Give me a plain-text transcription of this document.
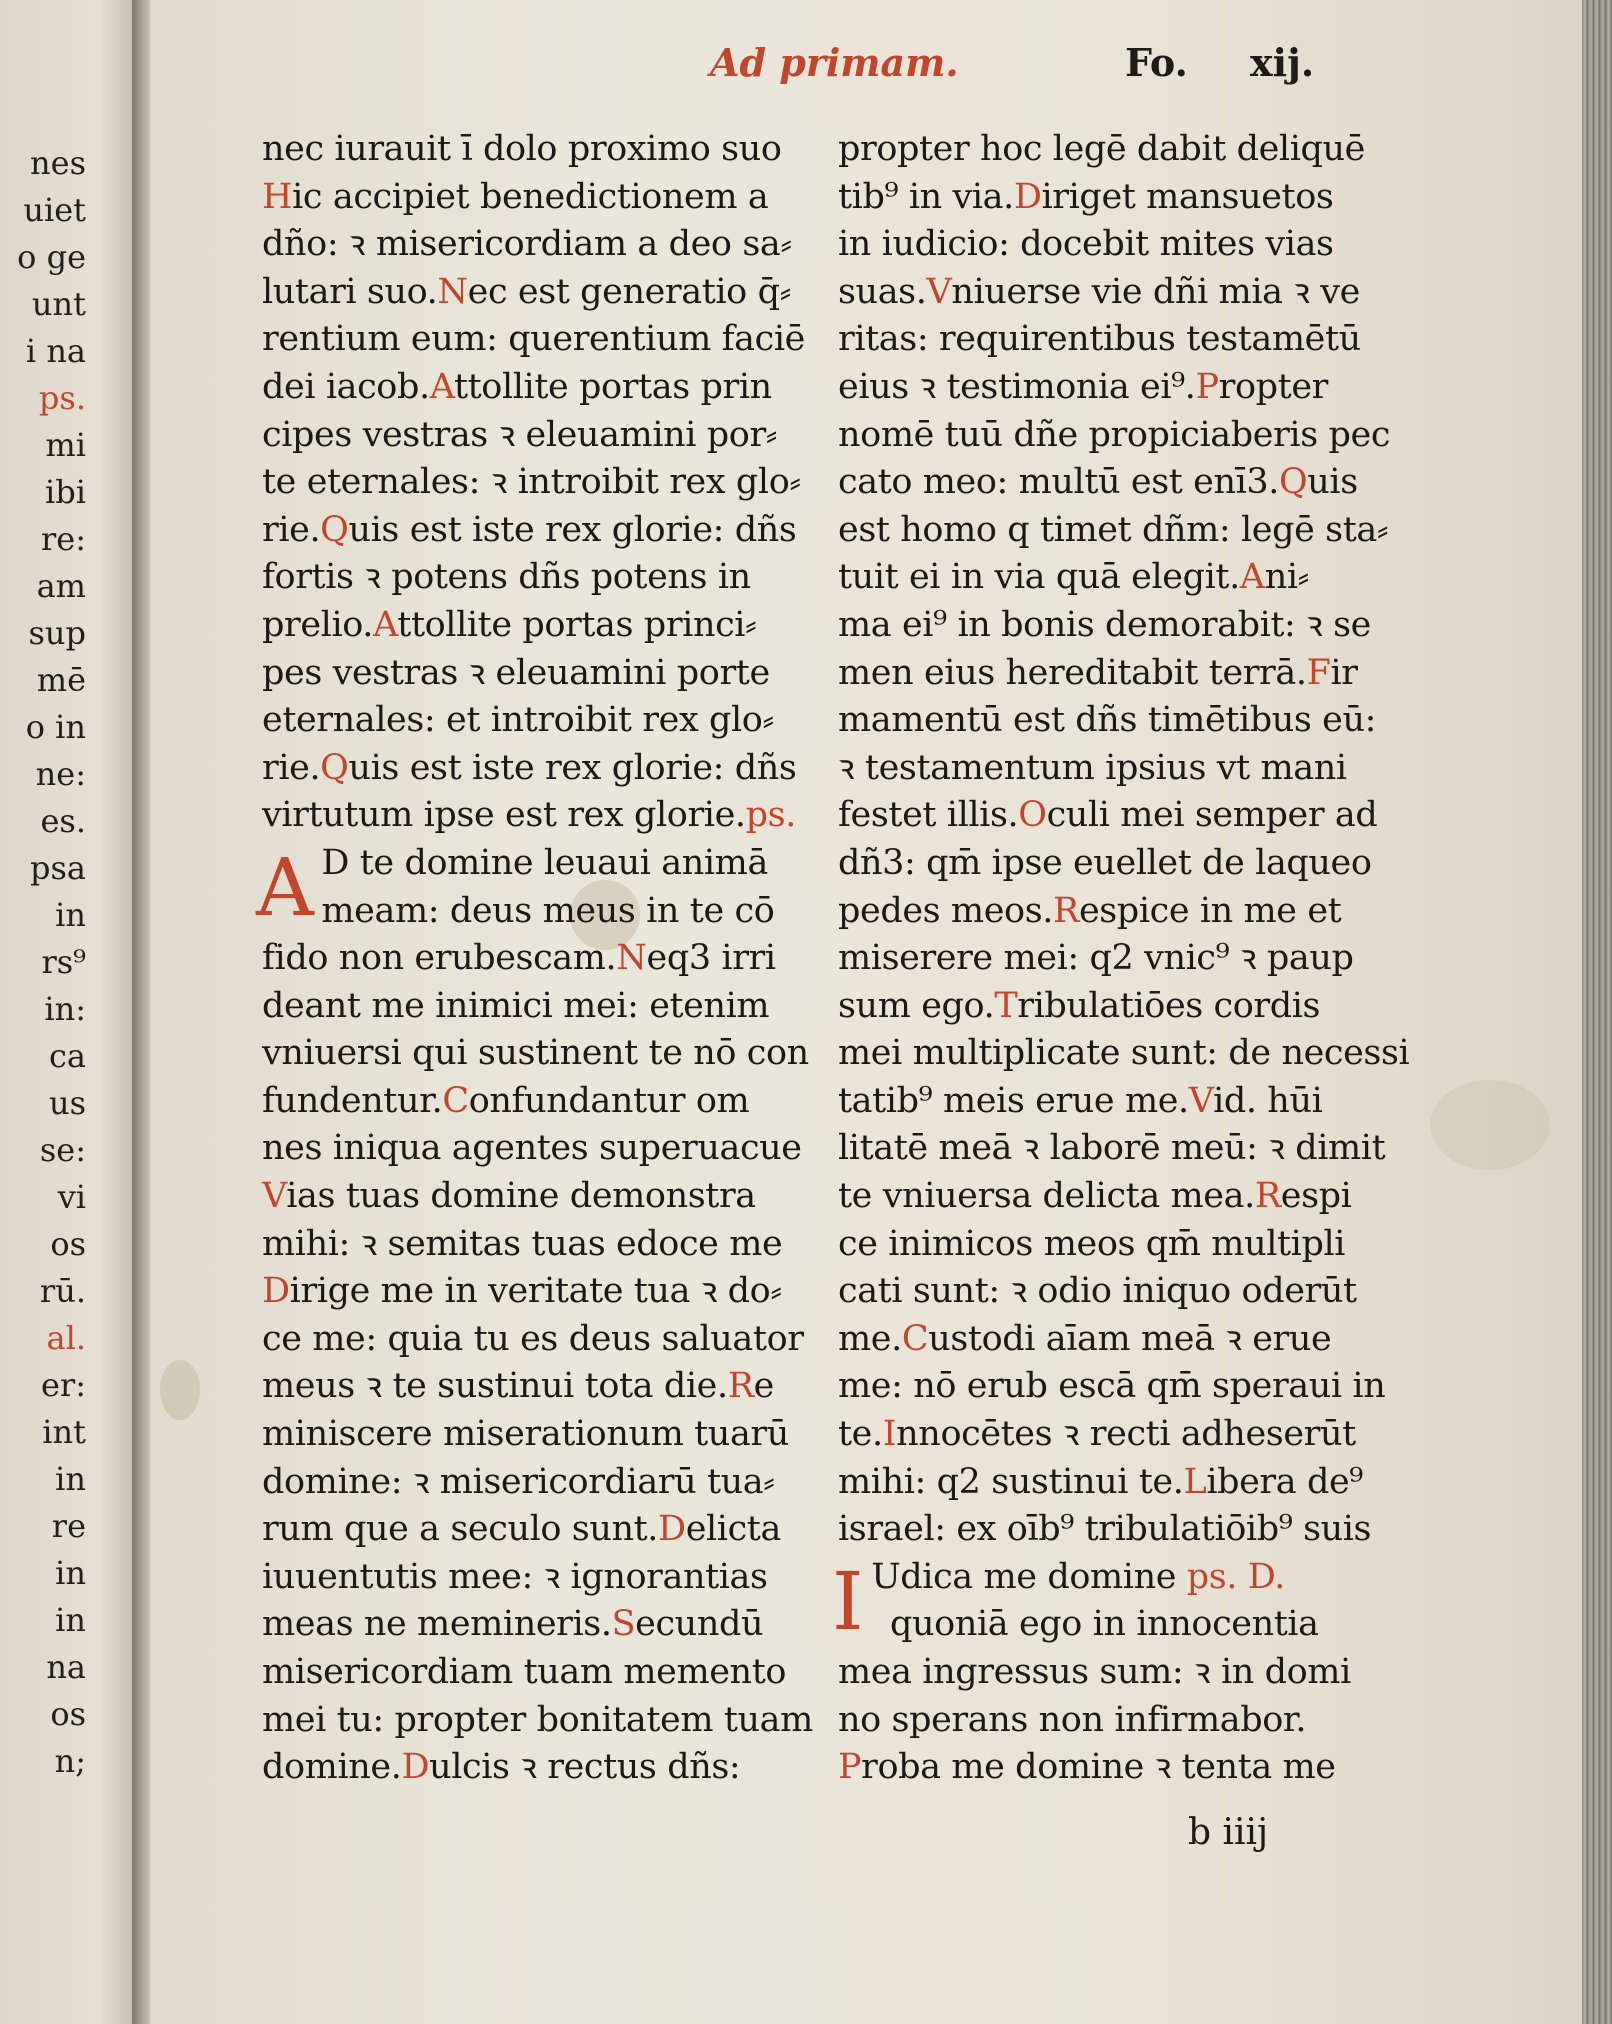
nes
uiet
o ge
unt
i na
ps.
mi
ibi
re:
am
sup
mē
o in
ne:
es.
psa
in
rs⁹
in:
ca
us
se:
vi
os
rū.
al.
er:
int
in
re
in
in
na
os
n;
Ad primam.	Fo. xij.
nec iurauit ī dolo proximo suo
Hic accipiet benedictionem a
dño: ꝛ misericordiam a deo sa⸗
lutari suo.Nec est generatio q̄⸗
rentium eum: querentium faciē
dei iacob.Attollite portas prin
cipes vestras ꝛ eleuamini por⸗
te eternales: ꝛ introibit rex glo⸗
rie.Quis est iste rex glorie: dñs
fortis ꝛ potens dñs potens in
prelio.Attollite portas princi⸗
pes vestras ꝛ eleuamini porte
eternales: et introibit rex glo⸗
rie.Quis est iste rex glorie: dñs
virtutum ipse est rex glorie.ps.
A D te domine leuaui animā
meam: deus meus in te cō
fido non erubescam.Neq3 irri
deant me inimici mei: etenim
vniuersi qui sustinent te nō con
fundentur.Confundantur om
nes iniqua agentes superuacue
Vias tuas domine demonstra
mihi: ꝛ semitas tuas edoce me
Dirige me in veritate tua ꝛ do⸗
ce me: quia tu es deus saluator
meus ꝛ te sustinui tota die.Re
miniscere miserationum tuarū
domine: ꝛ misericordiarū tua⸗
rum que a seculo sunt.Delicta
iuuentutis mee: ꝛ ignorantias
meas ne memineris.Secundū
misericordiam tuam memento
mei tu: propter bonitatem tuam
domine.Dulcis ꝛ rectus dñs:
propter hoc legē dabit deliquē
tib⁹ in via.Diriget mansuetos
in iudicio: docebit mites vias
suas.Vniuerse vie dñi mia ꝛ ve
ritas: requirentibus testamētū
eius ꝛ testimonia ei⁹.Propter
nomē tuū dñe propiciaberis pec
cato meo: multū est enī3.Quis
est homo q timet dñm: legē sta⸗
tuit ei in via quā elegit.Ani⸗
ma ei⁹ in bonis demorabit: ꝛ se
men eius hereditabit terrā.Fir
mamentū est dñs timētibus eū:
ꝛ testamentum ipsius vt mani
festet illis.Oculi mei semper ad
dñ3: qm̄ ipse euellet de laqueo
pedes meos.Respice in me et
miserere mei: q2 vnic⁹ ꝛ paup
sum ego.Tribulatiōes cordis
mei multiplicate sunt: de necessi
tatib⁹ meis erue me.Vid. hūi
litatē meā ꝛ laborē meū: ꝛ dimit
te vniuersa delicta mea.Respi
ce inimicos meos qm̄ multipli
cati sunt: ꝛ odio iniquo oderūt
me.Custodi aīam meā ꝛ erue
me: nō erub escā qm̄ speraui in
te.Innocētes ꝛ recti adheserūt
mihi: q2 sustinui te.Libera de⁹
israel: ex oīb⁹ tribulatiōib⁹ suis
I Udica me domine ps. D.
quoniā ego in innocentia
mea ingressus sum: ꝛ in domi
no sperans non infirmabor.
Proba me domine ꝛ tenta me
b iiij
